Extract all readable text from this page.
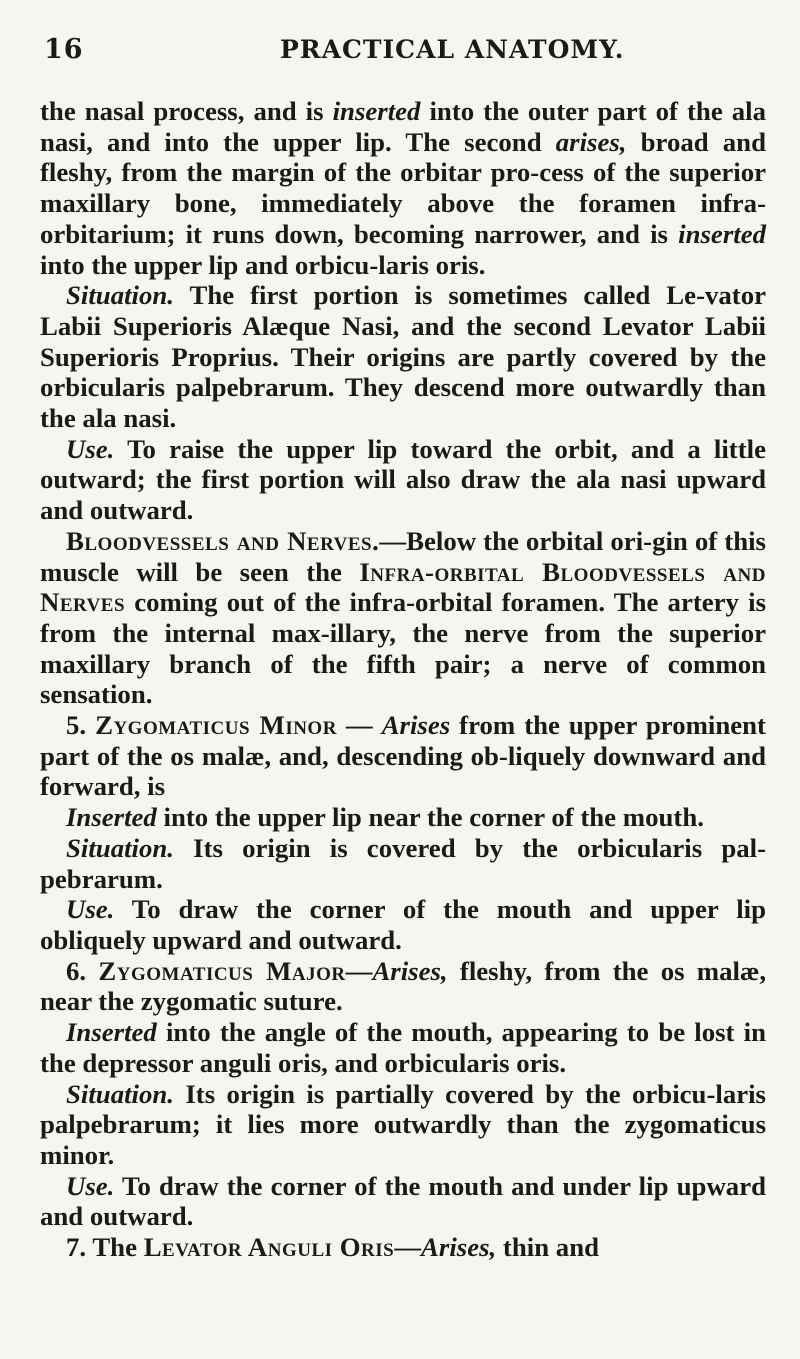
16	PRACTICAL ANATOMY.

the nasal process, and is inserted into the outer part of the ala nasi, and into the upper lip. The second arises, broad and fleshy, from the margin of the orbitar pro-cess of the superior maxillary bone, immediately above the foramen infra-orbitarium; it runs down, becoming narrower, and is inserted into the upper lip and orbicu-laris oris.

Situation. The first portion is sometimes called Le-vator Labii Superioris Alæque Nasi, and the second Levator Labii Superioris Proprius. Their origins are partly covered by the orbicularis palpebrarum. They descend more outwardly than the ala nasi.

Use. To raise the upper lip toward the orbit, and a little outward; the first portion will also draw the ala nasi upward and outward.

Bloodvessels and Nerves.—Below the orbital ori-gin of this muscle will be seen the Infra-orbital Bloodvessels and Nerves coming out of the infra-orbital foramen. The artery is from the internal max-illary, the nerve from the superior maxillary branch of the fifth pair; a nerve of common sensation.

5. Zygomaticus Minor — Arises from the upper prominent part of the os malæ, and, descending ob-liquely downward and forward, is

Inserted into the upper lip near the corner of the mouth.

Situation. Its origin is covered by the orbicularis pal-pebrarum.

Use. To draw the corner of the mouth and upper lip obliquely upward and outward.

6. Zygomaticus Major—Arises, fleshy, from the os malæ, near the zygomatic suture.

Inserted into the angle of the mouth, appearing to be lost in the depressor anguli oris, and orbicularis oris.

Situation. Its origin is partially covered by the orbicu-laris palpebrarum; it lies more outwardly than the zygomaticus minor.

Use. To draw the corner of the mouth and under lip upward and outward.

7. The Levator Anguli Oris—Arises, thin and
